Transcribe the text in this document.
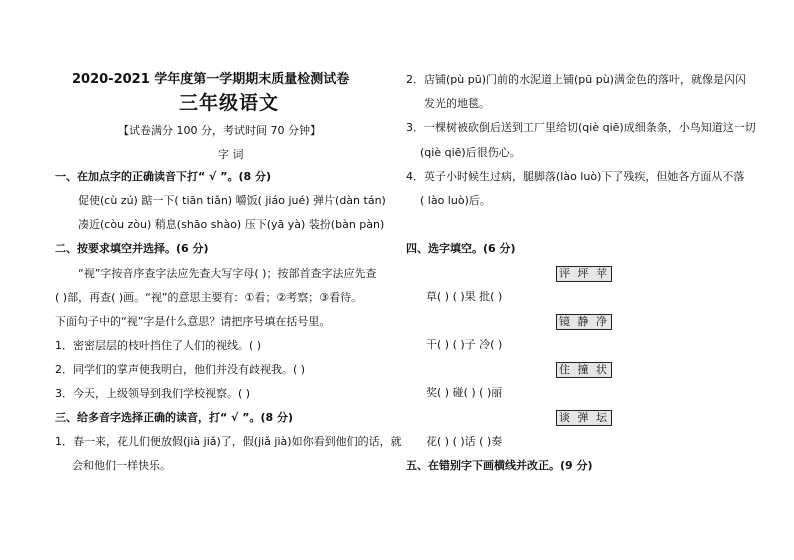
2020-2021 学年度第一学期期末质量检测试卷
三年级语文
【试卷满分 100 分，考试时间 70 分钟】
字 词
一、在加点字的正确读音下打“ √ ”。(8 分)
促使(cù zú) 踮一下( tiān tiǎn) 嚼饭( jiáo jué) 弹片(dàn tán)
凑近(còu zòu) 稍息(shāo shào) 压下(yā yà) 装扮(bàn pàn)
二、按要求填空并选择。(6 分)
“视”字按音序查字法应先查大写字母( )；按部首查字法应先查
( )部，再查( )画。“视”的意思主要有：①看；②考察；③看待。
下面句子中的“视”字是什么意思？请把序号填在括号里。
1．密密层层的枝叶挡住了人们的视线。( )
2．同学们的掌声使我明白，他们并没有歧视我。( )
3．今天，上级领导到我们学校视察。( )
三、给多音字选择正确的读音，打“ √ ”。(8 分)
1．春一来，花儿们便放假(jià jiǎ)了，假(jiǎ jià)如你看到他们的话，就
会和他们一样快乐。
2．店铺(pù pū)门前的水泥道上铺(pū pù)满金色的落叶，就像是闪闪
发光的地毯。
3．一棵树被砍倒后送到工厂里给切(qiè qiē)成细条条，小鸟知道这一切
(qiè qiē)后很伤心。
4．英子小时候生过病，腿脚落(lào luò)下了残疾，但她各方面从不落
( lào luò)后。
四、选字填空。(6 分)
评 坪 苹
草( ) ( )果 批( )
镜 静 净
干( ) ( )子 冷( )
住 撞 状
奖( ) 碰( ) ( )丽
谈 弹 坛
花( ) ( )话 ( )奏
五、在错别字下画横线并改正。(9 分)
